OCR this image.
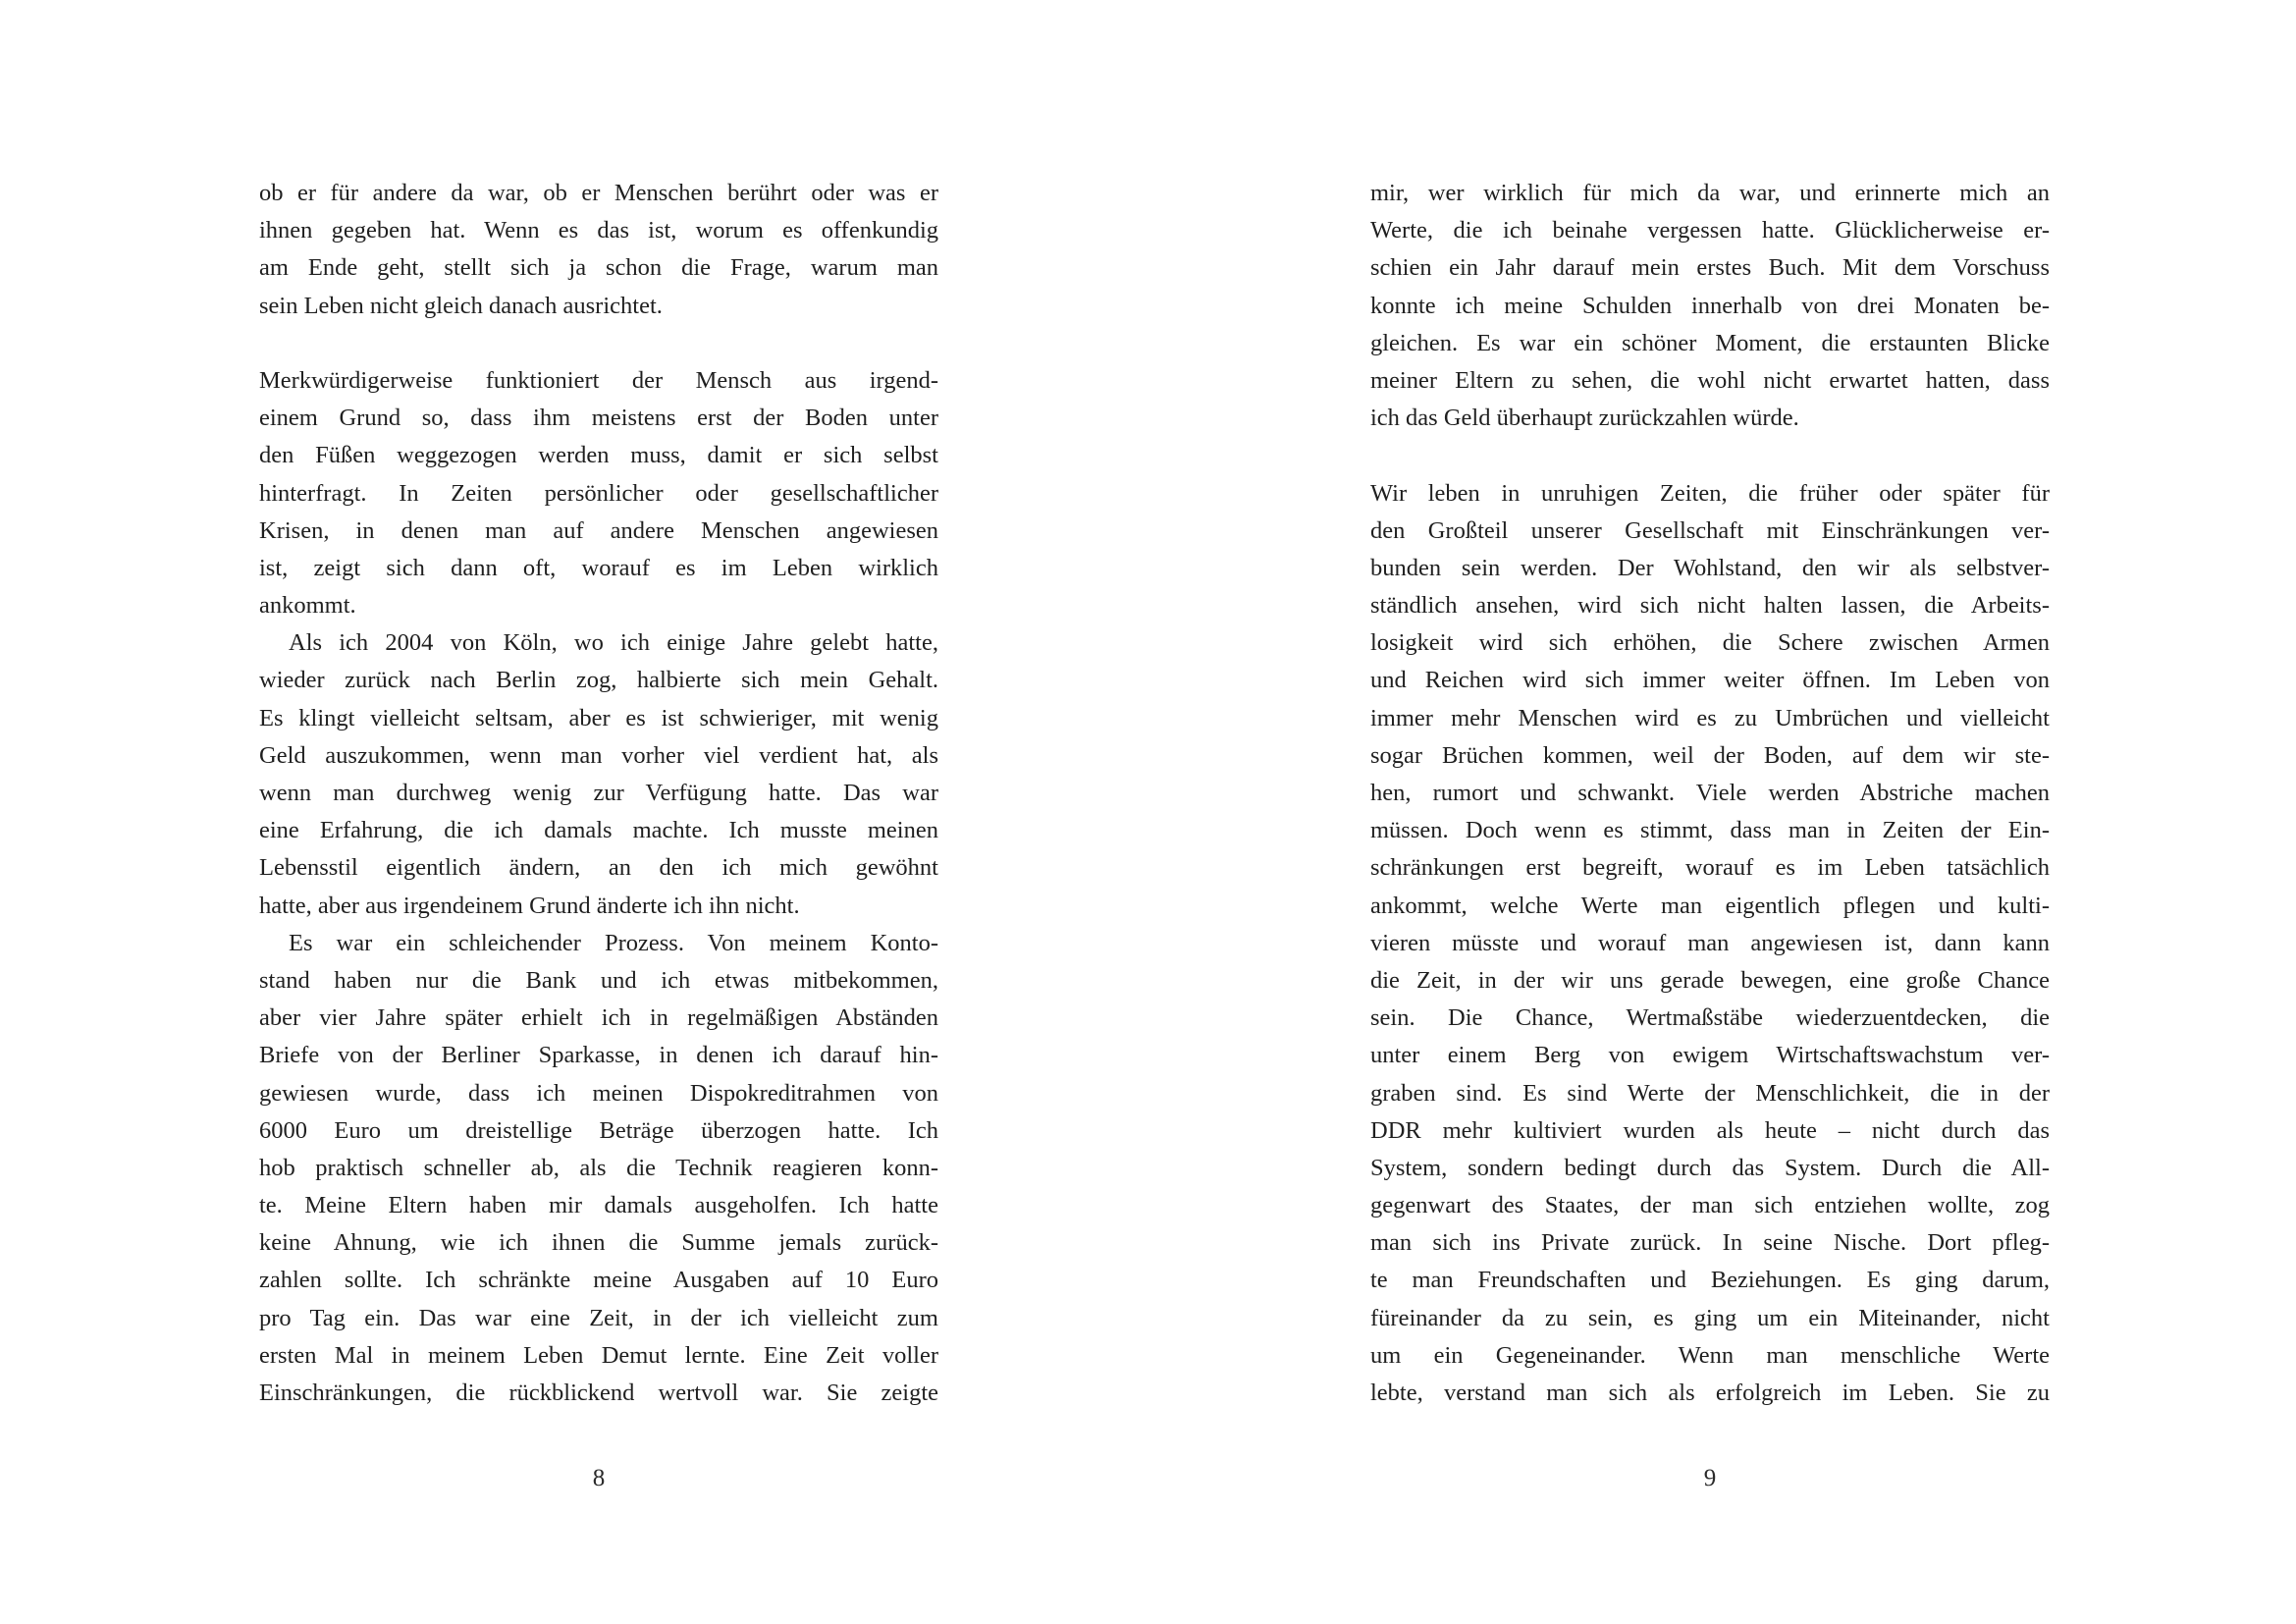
ob er für andere da war, ob er Menschen berührt oder was er
ihnen gegeben hat. Wenn es das ist, worum es offenkundig
am Ende geht, stellt sich ja schon die Frage, warum man
sein Leben nicht gleich danach ausrichtet.
Merkwürdigerweise funktioniert der Mensch aus irgend-
einem Grund so, dass ihm meistens erst der Boden unter
den Füßen weggezogen werden muss, damit er sich selbst
hinterfragt. In Zeiten persönlicher oder gesellschaftlicher
Krisen, in denen man auf andere Menschen angewiesen
ist, zeigt sich dann oft, worauf es im Leben wirklich
ankommt.
Als ich 2004 von Köln, wo ich einige Jahre gelebt hatte,
wieder zurück nach Berlin zog, halbierte sich mein Gehalt.
Es klingt vielleicht seltsam, aber es ist schwieriger, mit wenig
Geld auszukommen, wenn man vorher viel verdient hat, als
wenn man durchweg wenig zur Verfügung hatte. Das war
eine Erfahrung, die ich damals machte. Ich musste meinen
Lebensstil eigentlich ändern, an den ich mich gewöhnt
hatte, aber aus irgendeinem Grund änderte ich ihn nicht.
Es war ein schleichender Prozess. Von meinem Konto-
stand haben nur die Bank und ich etwas mitbekommen,
aber vier Jahre später erhielt ich in regelmäßigen Abständen
Briefe von der Berliner Sparkasse, in denen ich darauf hin-
gewiesen wurde, dass ich meinen Dispokreditrahmen von
6000 Euro um dreistellige Beträge überzogen hatte. Ich
hob praktisch schneller ab, als die Technik reagieren konn-
te. Meine Eltern haben mir damals ausgeholfen. Ich hatte
keine Ahnung, wie ich ihnen die Summe jemals zurück-
zahlen sollte. Ich schränkte meine Ausgaben auf 10 Euro
pro Tag ein. Das war eine Zeit, in der ich vielleicht zum
ersten Mal in meinem Leben Demut lernte. Eine Zeit voller
Einschränkungen, die rückblickend wertvoll war. Sie zeigte
mir, wer wirklich für mich da war, und erinnerte mich an
Werte, die ich beinahe vergessen hatte. Glücklicherweise er-
schien ein Jahr darauf mein erstes Buch. Mit dem Vorschuss
konnte ich meine Schulden innerhalb von drei Monaten be-
gleichen. Es war ein schöner Moment, die erstaunten Blicke
meiner Eltern zu sehen, die wohl nicht erwartet hatten, dass
ich das Geld überhaupt zurückzahlen würde.
Wir leben in unruhigen Zeiten, die früher oder später für
den Großteil unserer Gesellschaft mit Einschränkungen ver-
bunden sein werden. Der Wohlstand, den wir als selbstver-
ständlich ansehen, wird sich nicht halten lassen, die Arbeits-
losigkeit wird sich erhöhen, die Schere zwischen Armen
und Reichen wird sich immer weiter öffnen. Im Leben von
immer mehr Menschen wird es zu Umbrüchen und vielleicht
sogar Brüchen kommen, weil der Boden, auf dem wir ste-
hen, rumort und schwankt. Viele werden Abstriche machen
müssen. Doch wenn es stimmt, dass man in Zeiten der Ein-
schränkungen erst begreift, worauf es im Leben tatsächlich
ankommt, welche Werte man eigentlich pflegen und kulti-
vieren müsste und worauf man angewiesen ist, dann kann
die Zeit, in der wir uns gerade bewegen, eine große Chance
sein. Die Chance, Wertmaßstäbe wiederzuentdecken, die
unter einem Berg von ewigem Wirtschaftswachstum ver-
graben sind. Es sind Werte der Menschlichkeit, die in der
DDR mehr kultiviert wurden als heute – nicht durch das
System, sondern bedingt durch das System. Durch die All-
gegenwart des Staates, der man sich entziehen wollte, zog
man sich ins Private zurück. In seine Nische. Dort pfleg-
te man Freundschaften und Beziehungen. Es ging darum,
füreinander da zu sein, es ging um ein Miteinander, nicht
um ein Gegeneinander. Wenn man menschliche Werte
lebte, verstand man sich als erfolgreich im Leben. Sie zu
8	9
